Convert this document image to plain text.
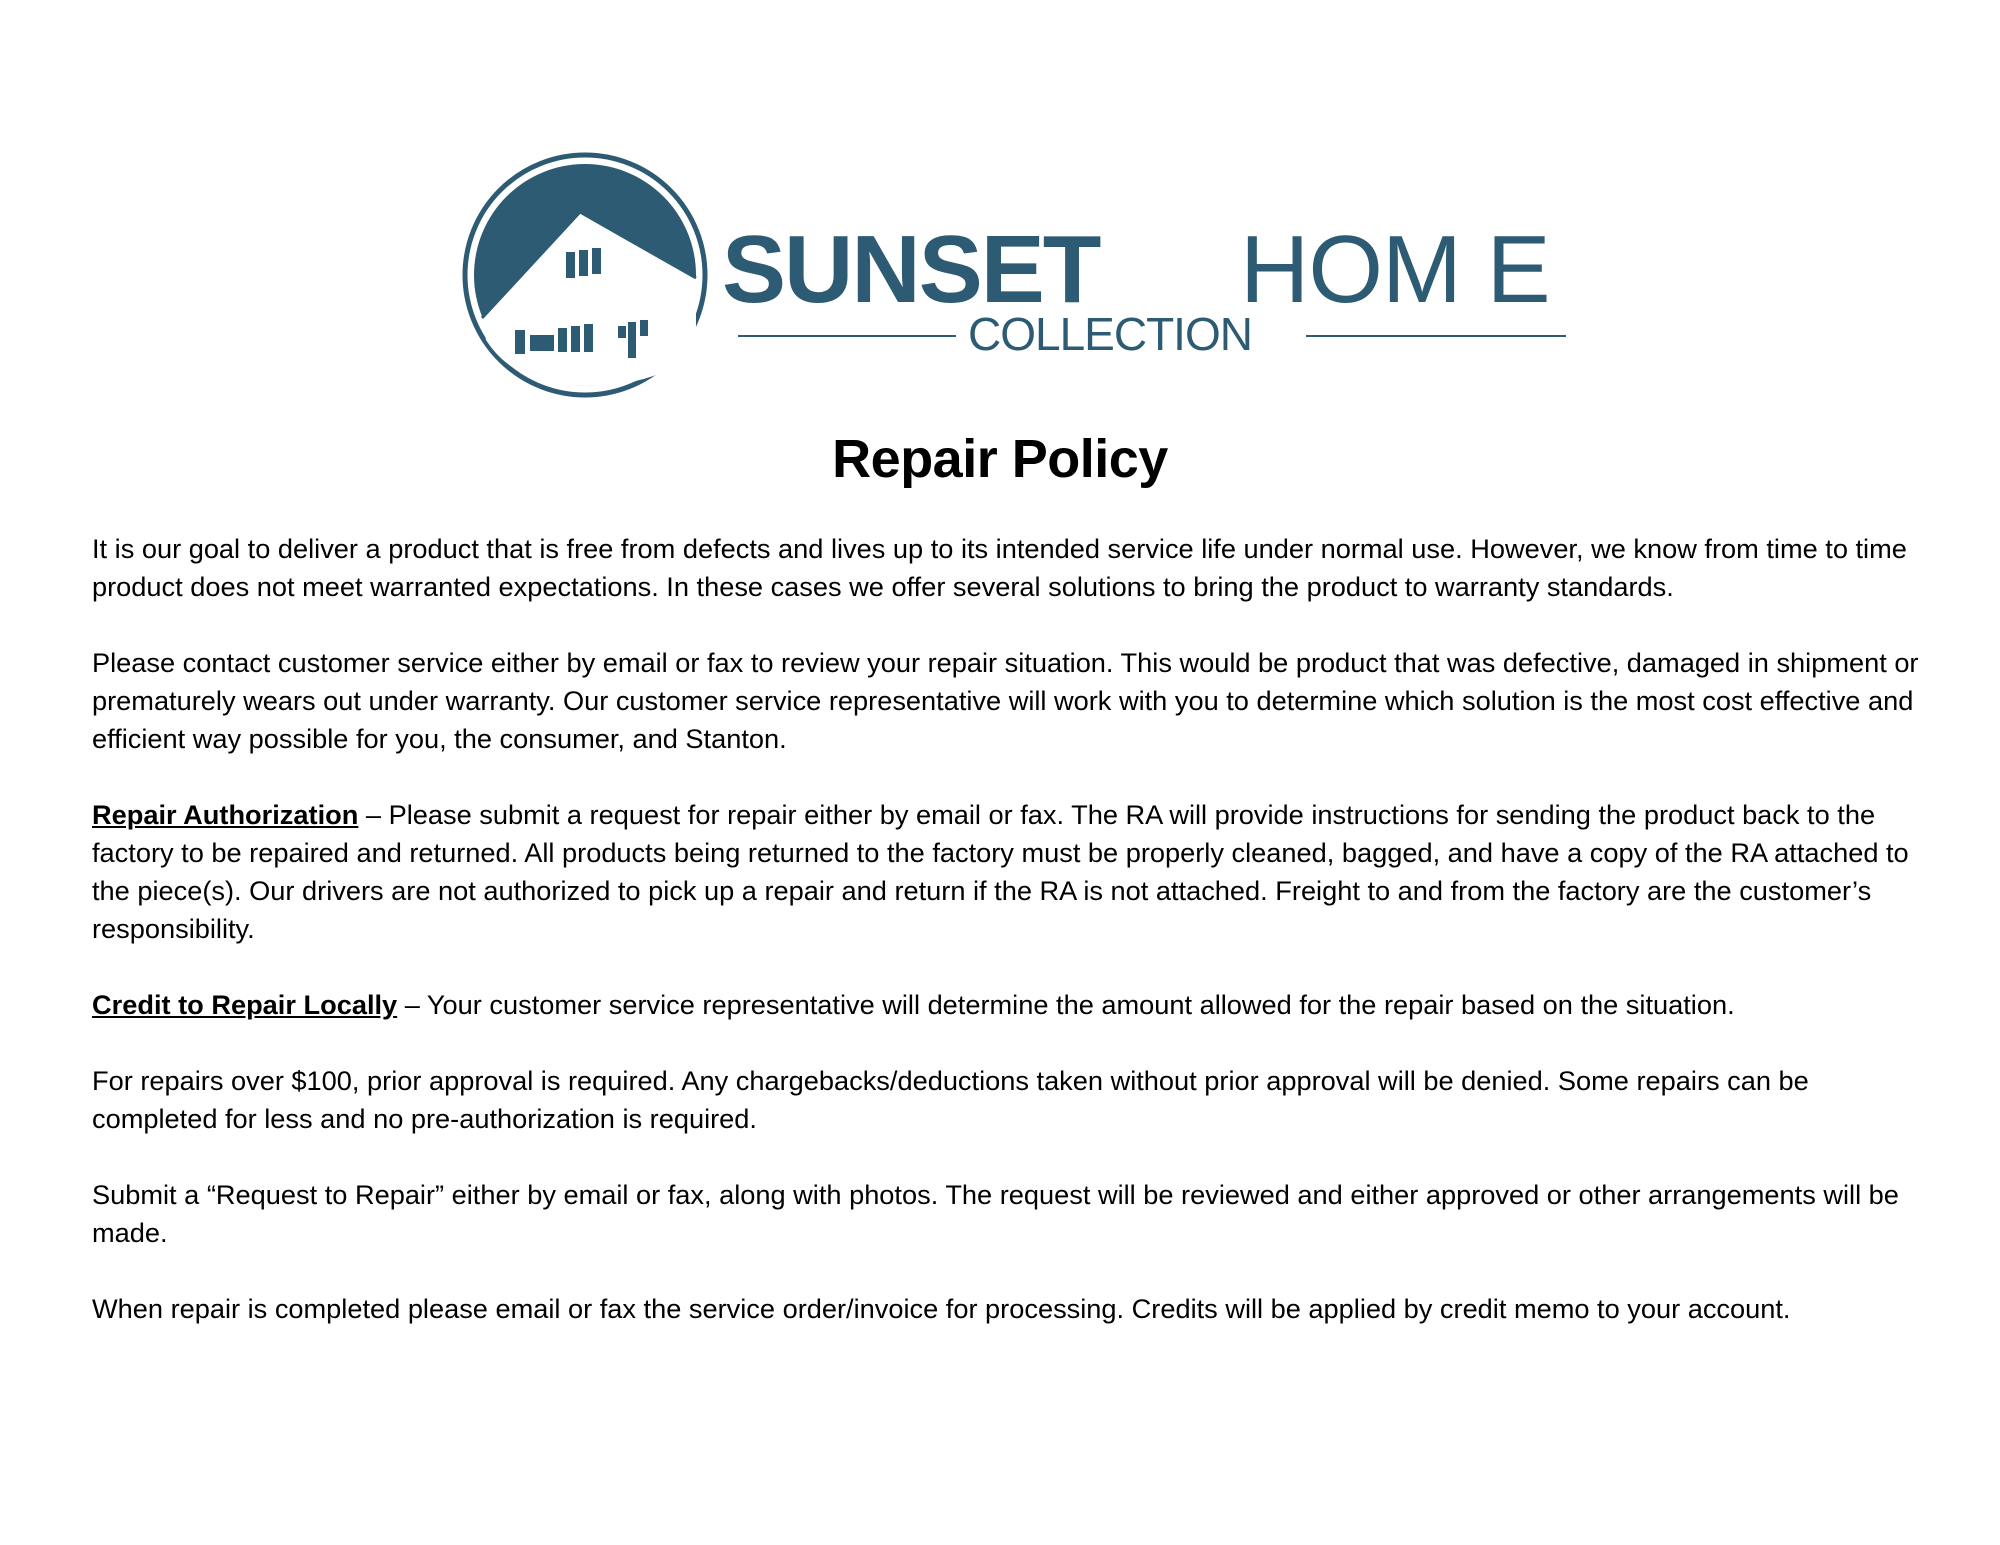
SUNSET HOM E
COLLECTION
Repair Policy

It is our goal to deliver a product that is free from defects and lives up to its intended service life under normal use. However, we know from time to time product does not meet warranted expectations. In these cases we offer several solutions to bring the product to warranty standards.

Please contact customer service either by email or fax to review your repair situation. This would be product that was defective, damaged in shipment or prematurely wears out under warranty. Our customer service representative will work with you to determine which solution is the most cost effective and efficient way possible for you, the consumer, and Stanton.

Repair Authorization – Please submit a request for repair either by email or fax. The RA will provide instructions for sending the product back to the factory to be repaired and returned. All products being returned to the factory must be properly cleaned, bagged, and have a copy of the RA attached to the piece(s). Our drivers are not authorized to pick up a repair and return if the RA is not attached. Freight to and from the factory are the customer’s responsibility.

Credit to Repair Locally – Your customer service representative will determine the amount allowed for the repair based on the situation.

For repairs over $100, prior approval is required. Any chargebacks/deductions taken without prior approval will be denied. Some repairs can be completed for less and no pre-authorization is required.

Submit a “Request to Repair” either by email or fax, along with photos. The request will be reviewed and either approved or other arrangements will be made.

When repair is completed please email or fax the service order/invoice for processing. Credits will be applied by credit memo to your account.
